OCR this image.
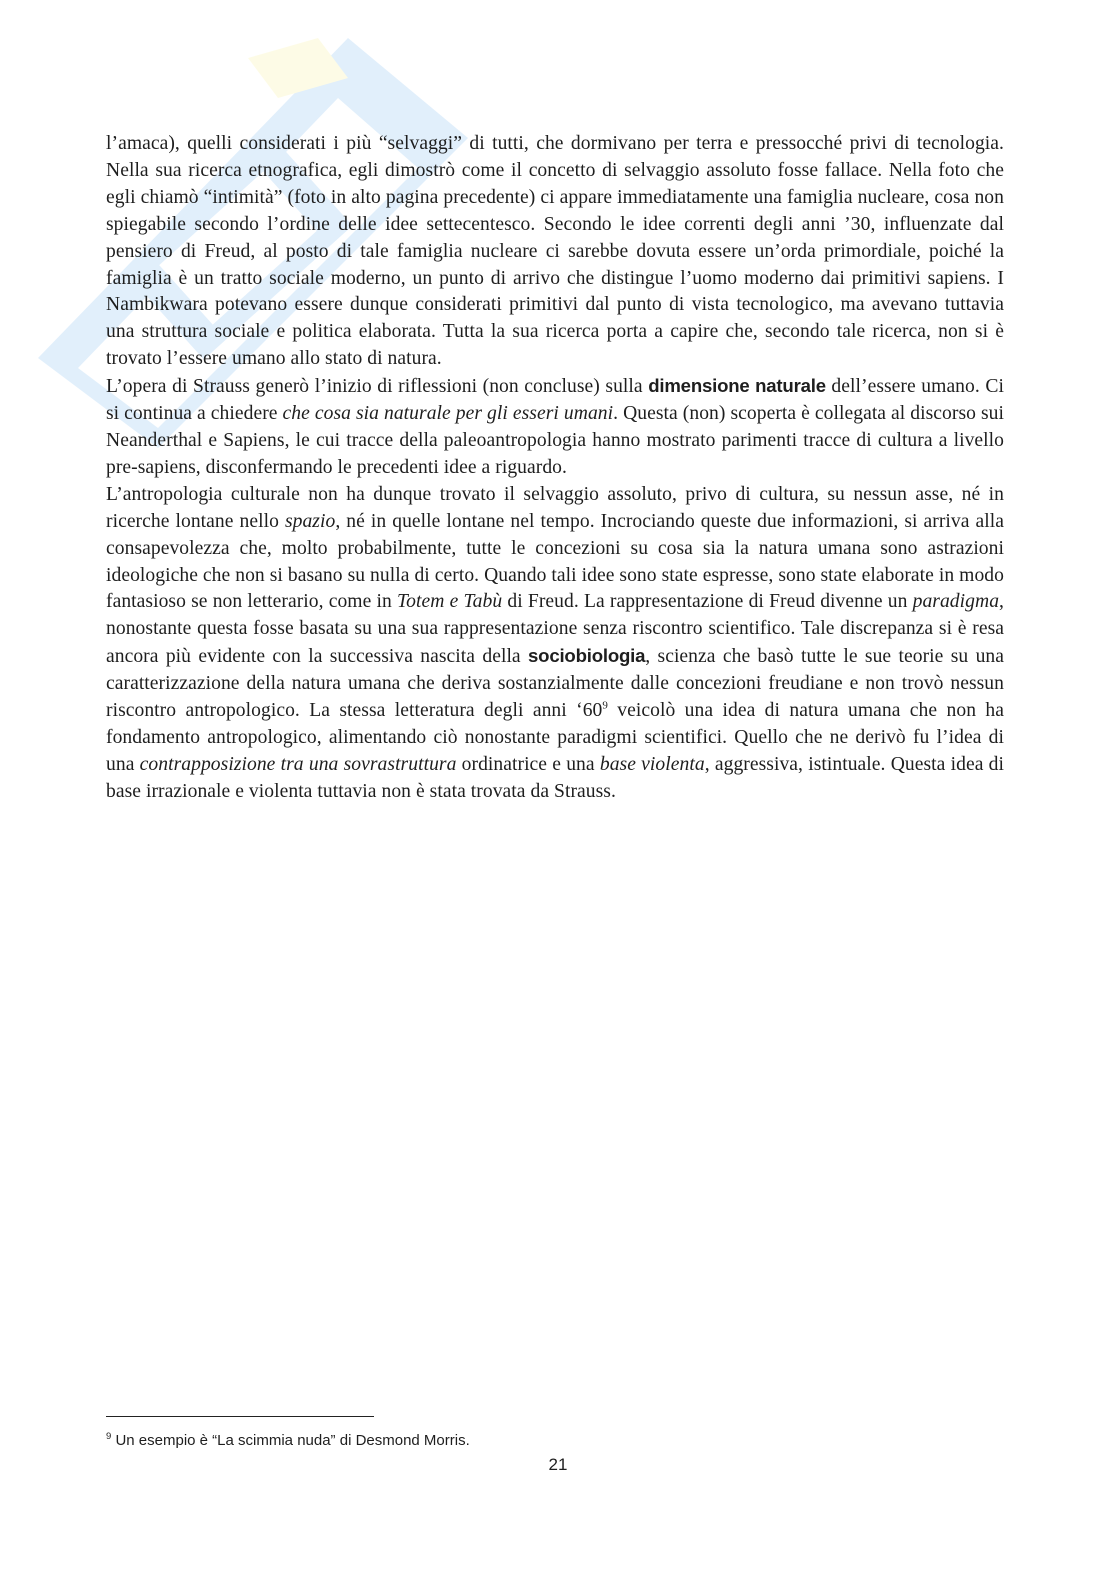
l’amaca), quelli considerati i più “selvaggi” di tutti, che dormivano per terra e pressocché privi di tecnologia. Nella sua ricerca etnografica, egli dimostrò come il concetto di selvaggio assoluto fosse fallace. Nella foto che egli chiamò “intimità” (foto in alto pagina precedente) ci appare immediatamente una famiglia nucleare, cosa non spiegabile secondo l’ordine delle idee settecentesco. Secondo le idee correnti degli anni ’30, influenzate dal pensiero di Freud, al posto di tale famiglia nucleare ci sarebbe dovuta essere un’orda primordiale, poiché la famiglia è un tratto sociale moderno, un punto di arrivo che distingue l’uomo moderno dai primitivi sapiens. I Nambikwara potevano essere dunque considerati primitivi dal punto di vista tecnologico, ma avevano tuttavia una struttura sociale e politica elaborata. Tutta la sua ricerca porta a capire che, secondo tale ricerca, non si è trovato l’essere umano allo stato di natura.

L’opera di Strauss generò l’inizio di riflessioni (non concluse) sulla dimensione naturale dell’essere umano. Ci si continua a chiedere che cosa sia naturale per gli esseri umani. Questa (non) scoperta è collegata al discorso sui Neanderthal e Sapiens, le cui tracce della paleoantropologia hanno mostrato parimenti tracce di cultura a livello pre-sapiens, disconfermando le precedenti idee a riguardo.

L’antropologia culturale non ha dunque trovato il selvaggio assoluto, privo di cultura, su nessun asse, né in ricerche lontane nello spazio, né in quelle lontane nel tempo. Incrociando queste due informazioni, si arriva alla consapevolezza che, molto probabilmente, tutte le concezioni su cosa sia la natura umana sono astrazioni ideologiche che non si basano su nulla di certo. Quando tali idee sono state espresse, sono state elaborate in modo fantasioso se non letterario, come in Totem e Tabù di Freud. La rappresentazione di Freud divenne un paradigma, nonostante questa fosse basata su una sua rappresentazione senza riscontro scientifico. Tale discrepanza si è resa ancora più evidente con la successiva nascita della sociobiologia, scienza che basò tutte le sue teorie su una caratterizzazione della natura umana che deriva sostanzialmente dalle concezioni freudiane e non trovò nessun riscontro antropologico. La stessa letteratura degli anni ‘$60^9$ veicolò una idea di natura umana che non ha fondamento antropologico, alimentando ciò nonostante paradigmi scientifici. Quello che ne derivò fu l’idea di una contrapposizione tra una sovrastruttura ordinatrice e una base violenta, aggressiva, istintuale. Questa idea di base irrazionale e violenta tuttavia non è stata trovata da Strauss.

$^9$ Un esempio è “La scimmia nuda” di Desmond Morris.
21
